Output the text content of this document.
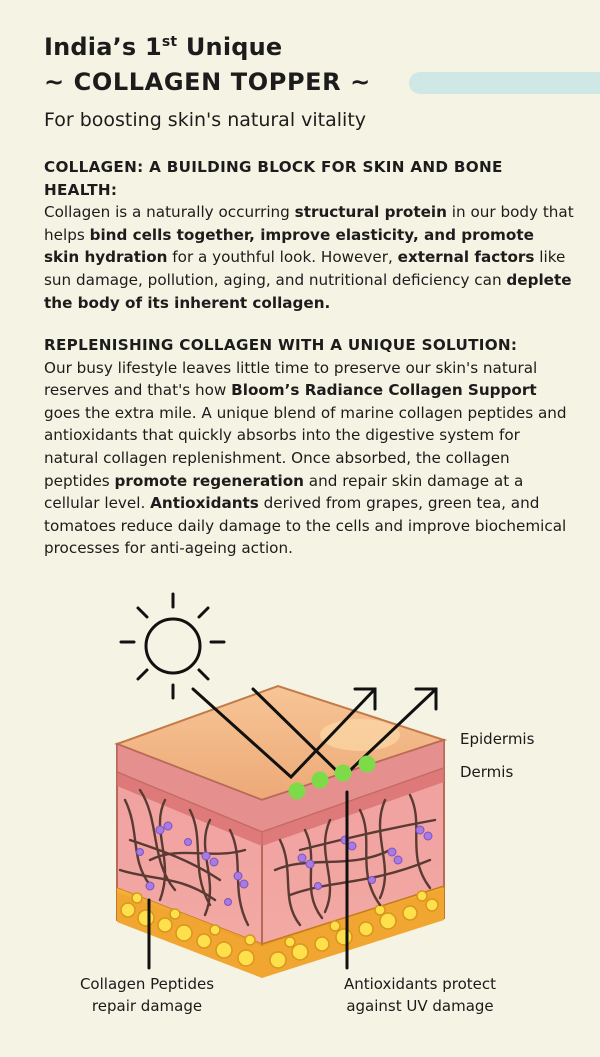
India’s 1st Unique
~ COLLAGEN TOPPER ~

For boosting skin's natural vitality

COLLAGEN: A BUILDING BLOCK FOR SKIN AND BONE HEALTH:

Collagen is a naturally occurring structural protein in our body that helps bind cells together, improve elasticity, and promote skin hydration for a youthful look. However, external factors like sun damage, pollution, aging, and nutritional deficiency can deplete the body of its inherent collagen.

REPLENISHING COLLAGEN WITH A UNIQUE SOLUTION:

Our busy lifestyle leaves little time to preserve our skin's natural reserves and that's how Bloom’s Radiance Collagen Support goes the extra mile. A unique blend of marine collagen peptides and antioxidants that quickly absorbs into the digestive system for natural collagen replenishment. Once absorbed, the collagen peptides promote regeneration and repair skin damage at a cellular level. Antioxidants derived from grapes, green tea, and tomatoes reduce daily damage to the cells and improve biochemical processes for anti-ageing action.

Epidermis
Dermis
Collagen Peptides
repair damage
Antioxidants protect
against UV damage
